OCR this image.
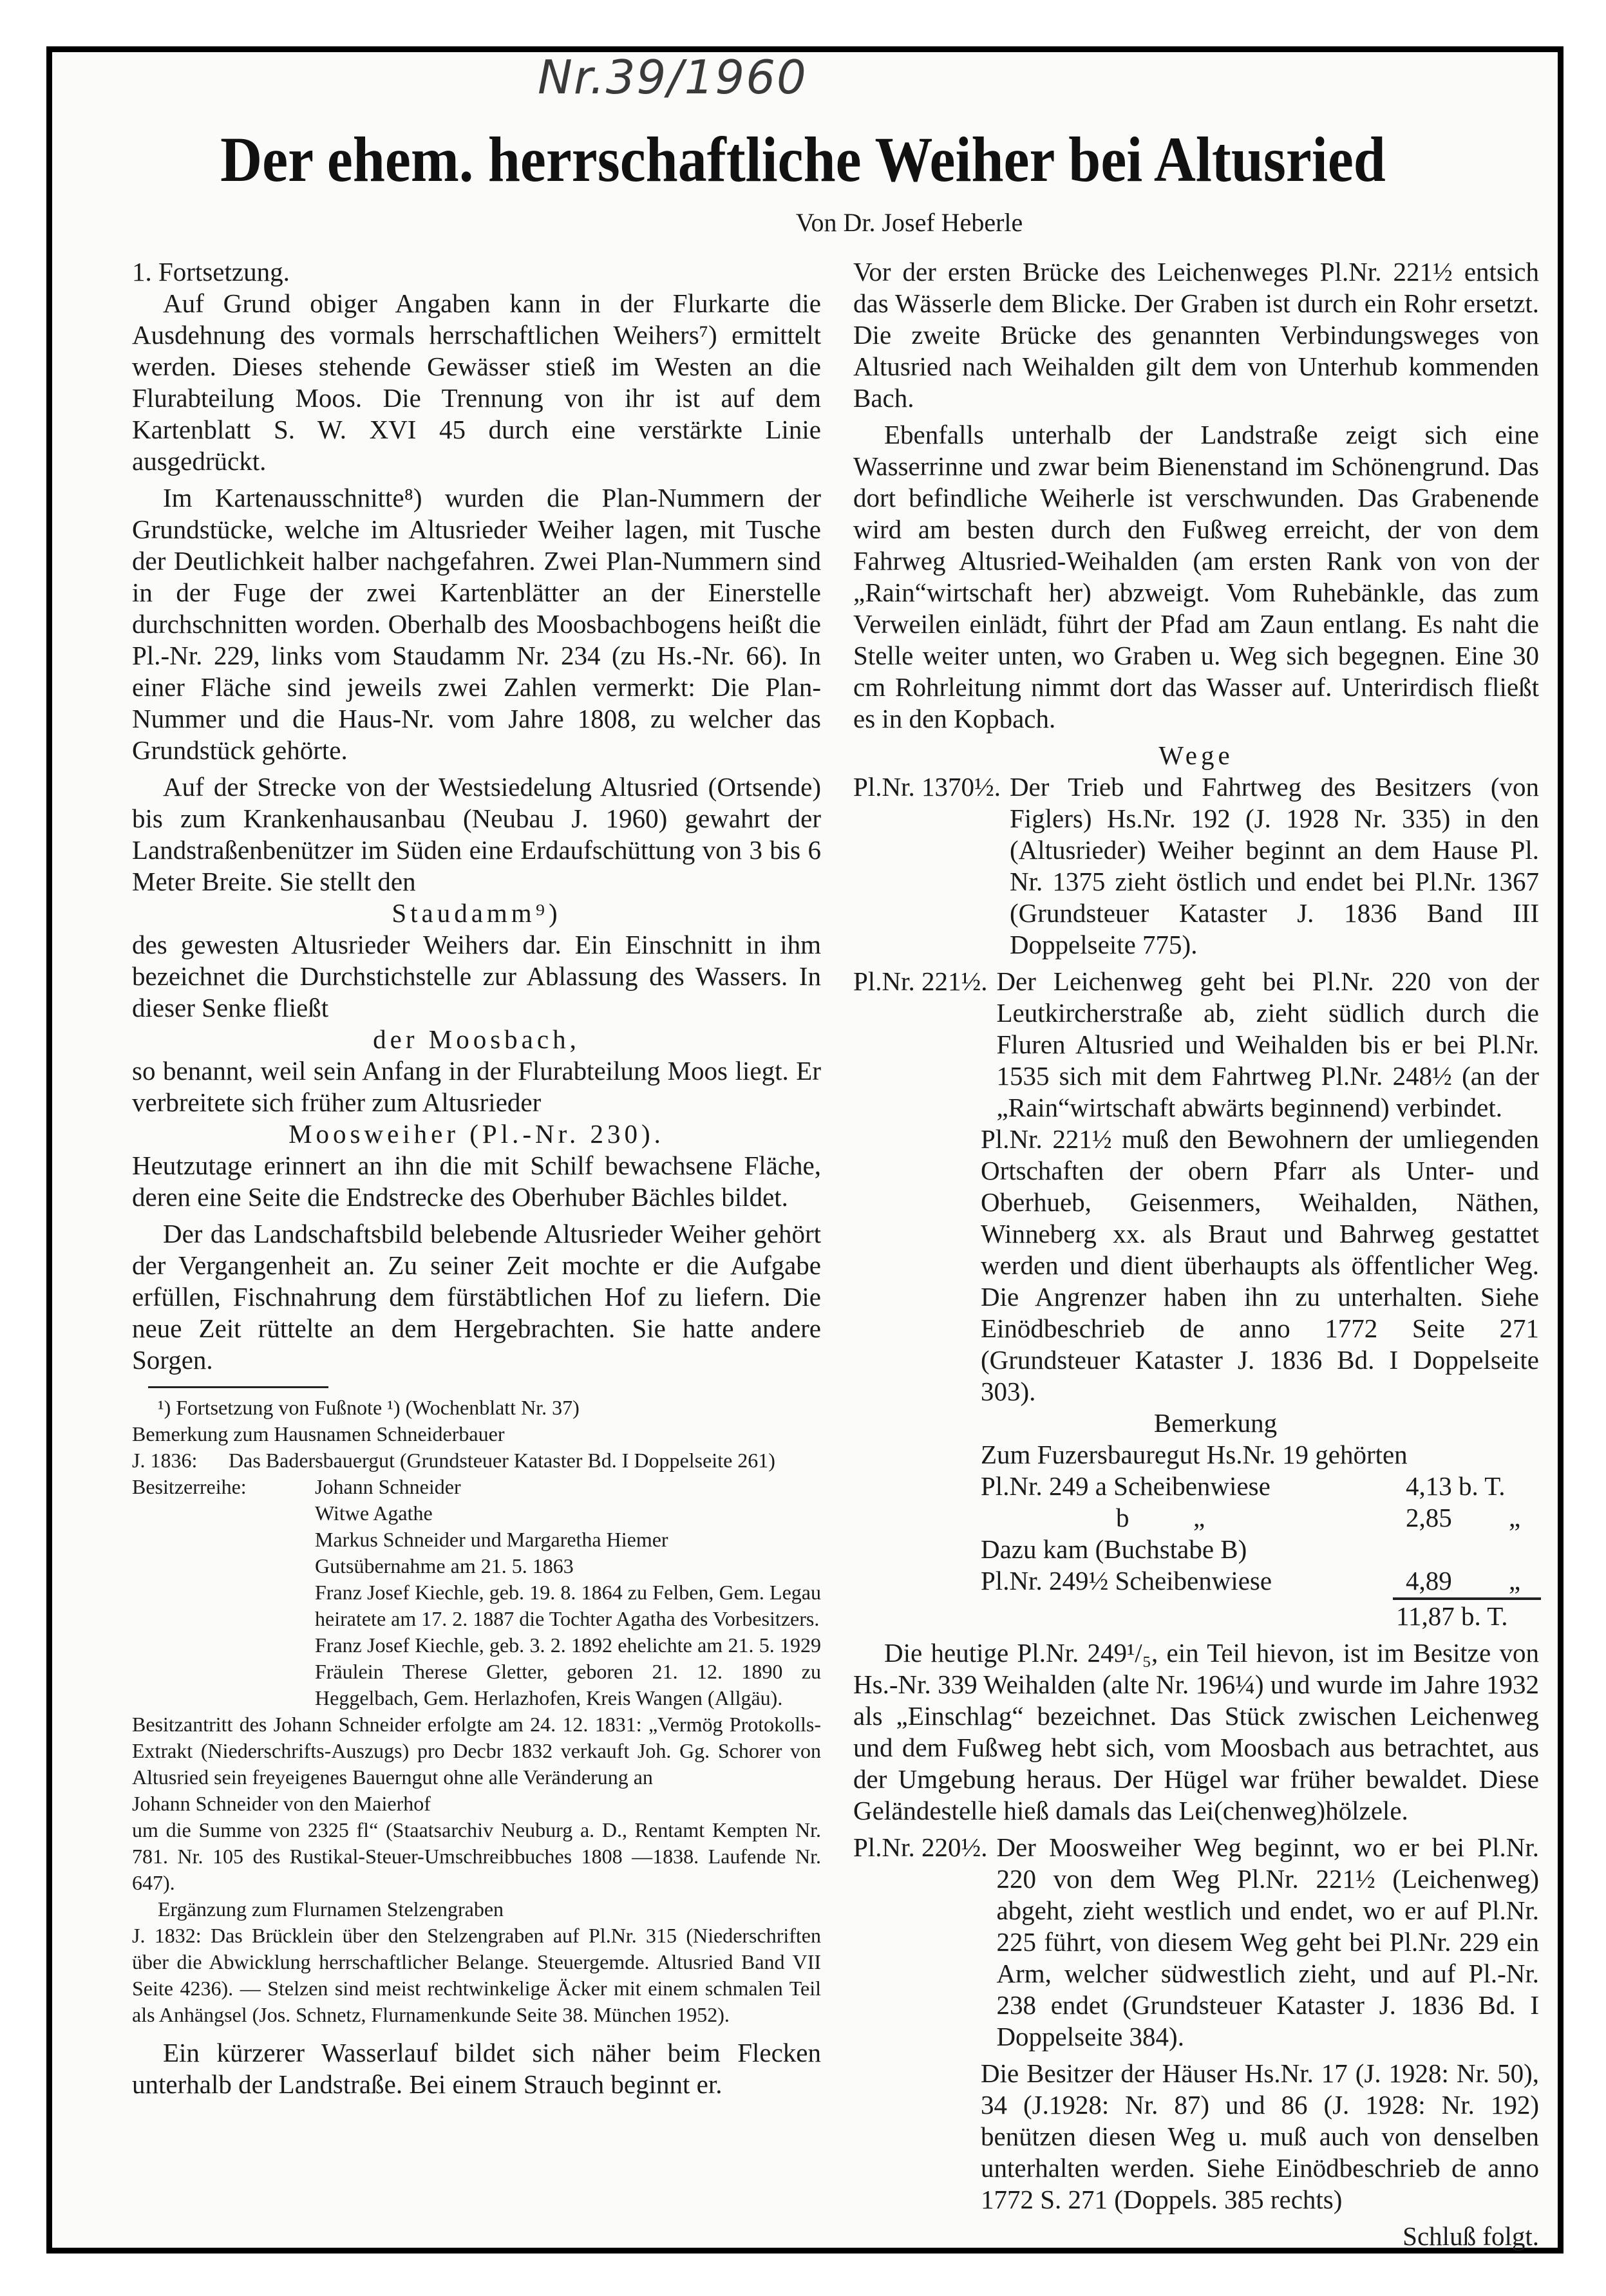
Nr.39/1960
Der ehem. herrschaftliche Weiher bei Altusried
Von Dr. Josef Heberle
1. Fortsetzung.
Auf Grund obiger Angaben kann in der Flurkarte die Ausdehnung des vormals herrschaftlichen Weihers⁷) ermittelt werden. Dieses stehende Gewässer stieß im Westen an die Flurabteilung Moos. Die Trennung von ihr ist auf dem Kartenblatt S. W. XVI 45 durch eine verstärkte Linie ausgedrückt.
Im Kartenausschnitte⁸) wurden die Plan-Nummern der Grundstücke, welche im Altusrieder Weiher lagen, mit Tusche der Deutlichkeit halber nachgefahren. Zwei Plan-Nummern sind in der Fuge der zwei Kartenblätter an der Einerstelle durchschnitten worden. Oberhalb des Moosbachbogens heißt die Pl.-Nr. 229, links vom Staudamm Nr. 234 (zu Hs.-Nr. 66). In einer Fläche sind jeweils zwei Zahlen vermerkt: Die Plan-Nummer und die Haus-Nr. vom Jahre 1808, zu welcher das Grundstück gehörte.
Auf der Strecke von der Westsiedelung Altusried (Ortsende) bis zum Krankenhausanbau (Neubau J. 1960) gewahrt der Landstraßenbenützer im Süden eine Erdaufschüttung von 3 bis 6 Meter Breite. Sie stellt den
Staudamm⁹)
des gewesten Altusrieder Weihers dar. Ein Einschnitt in ihm bezeichnet die Durchstichstelle zur Ablassung des Wassers. In dieser Senke fließt
der Moosbach,
so benannt, weil sein Anfang in der Flurabteilung Moos liegt. Er verbreitete sich früher zum Altusrieder
Moosweiher (Pl.-Nr. 230).
Heutzutage erinnert an ihn die mit Schilf bewachsene Fläche, deren eine Seite die Endstrecke des Oberhuber Bächles bildet.
Der das Landschaftsbild belebende Altusrieder Weiher gehört der Vergangenheit an. Zu seiner Zeit mochte er die Aufgabe erfüllen, Fischnahrung dem fürstäbtlichen Hof zu liefern. Die neue Zeit rüttelte an dem Hergebrachten. Sie hatte andere Sorgen.
¹) Fortsetzung von Fußnote ¹) (Wochenblatt Nr. 37)
Bemerkung zum Hausnamen Schneiderbauer
J. 1836:	Das Badersbauergut (Grundsteuer Kataster Bd. I Doppelseite 261)
Besitzerreihe:	Johann Schneider
Witwe Agathe
Markus Schneider und Margaretha Hiemer
Gutsübernahme am 21. 5. 1863
Franz Josef Kiechle, geb. 19. 8. 1864 zu Felben, Gem. Legau heiratete am 17. 2. 1887 die Tochter Agatha des Vorbesitzers.
Franz Josef Kiechle, geb. 3. 2. 1892 ehelichte am 21. 5. 1929 Fräulein Therese Gletter, geboren 21. 12. 1890 zu Heggelbach, Gem. Herlazhofen, Kreis Wangen (Allgäu).
Besitzantritt des Johann Schneider erfolgte am 24. 12. 1831: „Vermög Protokolls-Extrakt (Niederschrifts-Auszugs) pro Decbr 1832 verkauft Joh. Gg. Schorer von Altusried sein freyeigenes Bauerngut ohne alle Veränderung an
Johann Schneider von den Maierhof
um die Summe von 2325 fl“ (Staatsarchiv Neuburg a. D., Rentamt Kempten Nr. 781. Nr. 105 des Rustikal-Steuer-Umschreibbuches 1808 —1838. Laufende Nr. 647).
Ergänzung zum Flurnamen Stelzengraben
J. 1832: Das Brücklein über den Stelzengraben auf Pl.Nr. 315 (Niederschriften über die Abwicklung herrschaftlicher Belange. Steuergemde. Altusried Band VII Seite 4236). — Stelzen sind meist rechtwinkelige Äcker mit einem schmalen Teil als Anhängsel (Jos. Schnetz, Flurnamenkunde Seite 38. München 1952).
Ein kürzerer Wasserlauf bildet sich näher beim Flecken unterhalb der Landstraße. Bei einem Strauch beginnt er.
Vor der ersten Brücke des Leichenweges Pl.Nr. 221½ entsich das Wässerle dem Blicke. Der Graben ist durch ein Rohr ersetzt. Die zweite Brücke des genannten Verbindungsweges von Altusried nach Weihalden gilt dem von Unterhub kommenden Bach.
Ebenfalls unterhalb der Landstraße zeigt sich eine Wasserrinne und zwar beim Bienenstand im Schönengrund. Das dort befindliche Weiherle ist verschwunden. Das Grabenende wird am besten durch den Fußweg erreicht, der von dem Fahrweg Altusried-Weihalden (am ersten Rank von von der „Rain“wirtschaft her) abzweigt. Vom Ruhebänkle, das zum Verweilen einlädt, führt der Pfad am Zaun entlang. Es naht die Stelle weiter unten, wo Graben u. Weg sich begegnen. Eine 30 cm Rohrleitung nimmt dort das Wasser auf. Unterirdisch fließt es in den Kopbach.
Wege
Pl.Nr. 1370½. Der Trieb und Fahrtweg des Besitzers (von Figlers) Hs.Nr. 192 (J. 1928 Nr. 335) in den (Altusrieder) Weiher beginnt an dem Hause Pl. Nr. 1375 zieht östlich und endet bei Pl.Nr. 1367 (Grundsteuer Kataster J. 1836 Band III Doppelseite 775).
Pl.Nr. 221½. Der Leichenweg geht bei Pl.Nr. 220 von der Leutkircherstraße ab, zieht südlich durch die Fluren Altusried und Weihalden bis er bei Pl.Nr. 1535 sich mit dem Fahrtweg Pl.Nr. 248½ (an der „Rain“wirtschaft abwärts beginnend) verbindet.
Pl.Nr. 221½ muß den Bewohnern der umliegenden Ortschaften der obern Pfarr als Unter- und Oberhueb, Geisenmers, Weihalden, Näthen, Winneberg xx. als Braut und Bahrweg gestattet werden und dient überhaupts als öffentlicher Weg. Die Angrenzer haben ihn zu unterhalten. Siehe Einödbeschrieb de anno 1772 Seite 271 (Grundsteuer Kataster J. 1836 Bd. I Doppelseite 303).
Bemerkung
Zum Fuzersbauregut Hs.Nr. 19 gehörten
Pl.Nr. 249 a Scheibenwiese	4,13 b. T.
b „	2,85 „
Dazu kam (Buchstabe B)
Pl.Nr. 249½ Scheibenwiese	4,89 „
11,87 b. T.
Die heutige Pl.Nr. 249¹/₅, ein Teil hievon, ist im Besitze von Hs.-Nr. 339 Weihalden (alte Nr. 196¼) und wurde im Jahre 1932 als „Einschlag“ bezeichnet. Das Stück zwischen Leichenweg und dem Fußweg hebt sich, vom Moosbach aus betrachtet, aus der Umgebung heraus. Der Hügel war früher bewaldet. Diese Geländestelle hieß damals das Lei(chenweg)hölzele.
Pl.Nr. 220½. Der Moosweiher Weg beginnt, wo er bei Pl.Nr. 220 von dem Weg Pl.Nr. 221½ (Leichenweg) abgeht, zieht westlich und endet, wo er auf Pl.Nr. 225 führt, von diesem Weg geht bei Pl.Nr. 229 ein Arm, welcher südwestlich zieht, und auf Pl.-Nr. 238 endet (Grundsteuer Kataster J. 1836 Bd. I Doppelseite 384).
Die Besitzer der Häuser Hs.Nr. 17 (J. 1928: Nr. 50), 34 (J.1928: Nr. 87) und 86 (J. 1928: Nr. 192) benützen diesen Weg u. muß auch von denselben unterhalten werden. Siehe Einödbeschrieb de anno 1772 S. 271 (Doppels. 385 rechts)
Schluß folgt.
